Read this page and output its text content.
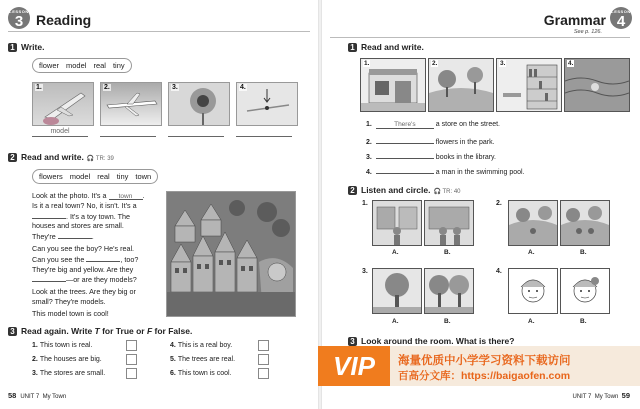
LESSON
3 Reading
1 Write.
flower model real tiny
1.	2.	3.	4.
model
2 Read and write. 🎧 TR: 39
flowers model real tiny town
Look at the photo. It's a town .
Is it a real town? No, it isn't. It's a
. It's a toy town. The
houses and stores are small.
They're	.
Can you see the boy? He's real.
Can you see the	, too?
They're big and yellow. Are they
—or are they models?
Look at the trees. Are they big or
small? They're models.
This model town is cool!
3 Read again. Write T for True or F for False.
1. This town is real.
2. The houses are big.
3. The stores are small.
4. This is a real boy.
5. The trees are real.
6. This town is cool.
58 UNIT 7 My Town
Grammar
LESSON
4
See p. 126.
1 Read and write.
1.	2.	3.	4.
1.	There's	a store on the street.
2.	flowers in the park.
3.	books in the library.
4.	a man in the swimming pool.
2 Listen and circle. 🎧 TR: 40
1.
A.	B.
2.
A.	B.
3.
A.	B.
4.
A.	B.
3 Look around the room. What is there?
UNIT 7 My Town 59
VIP	海量优质中小学学习资料下载访问
百高分文库：https://baigaofen.com
